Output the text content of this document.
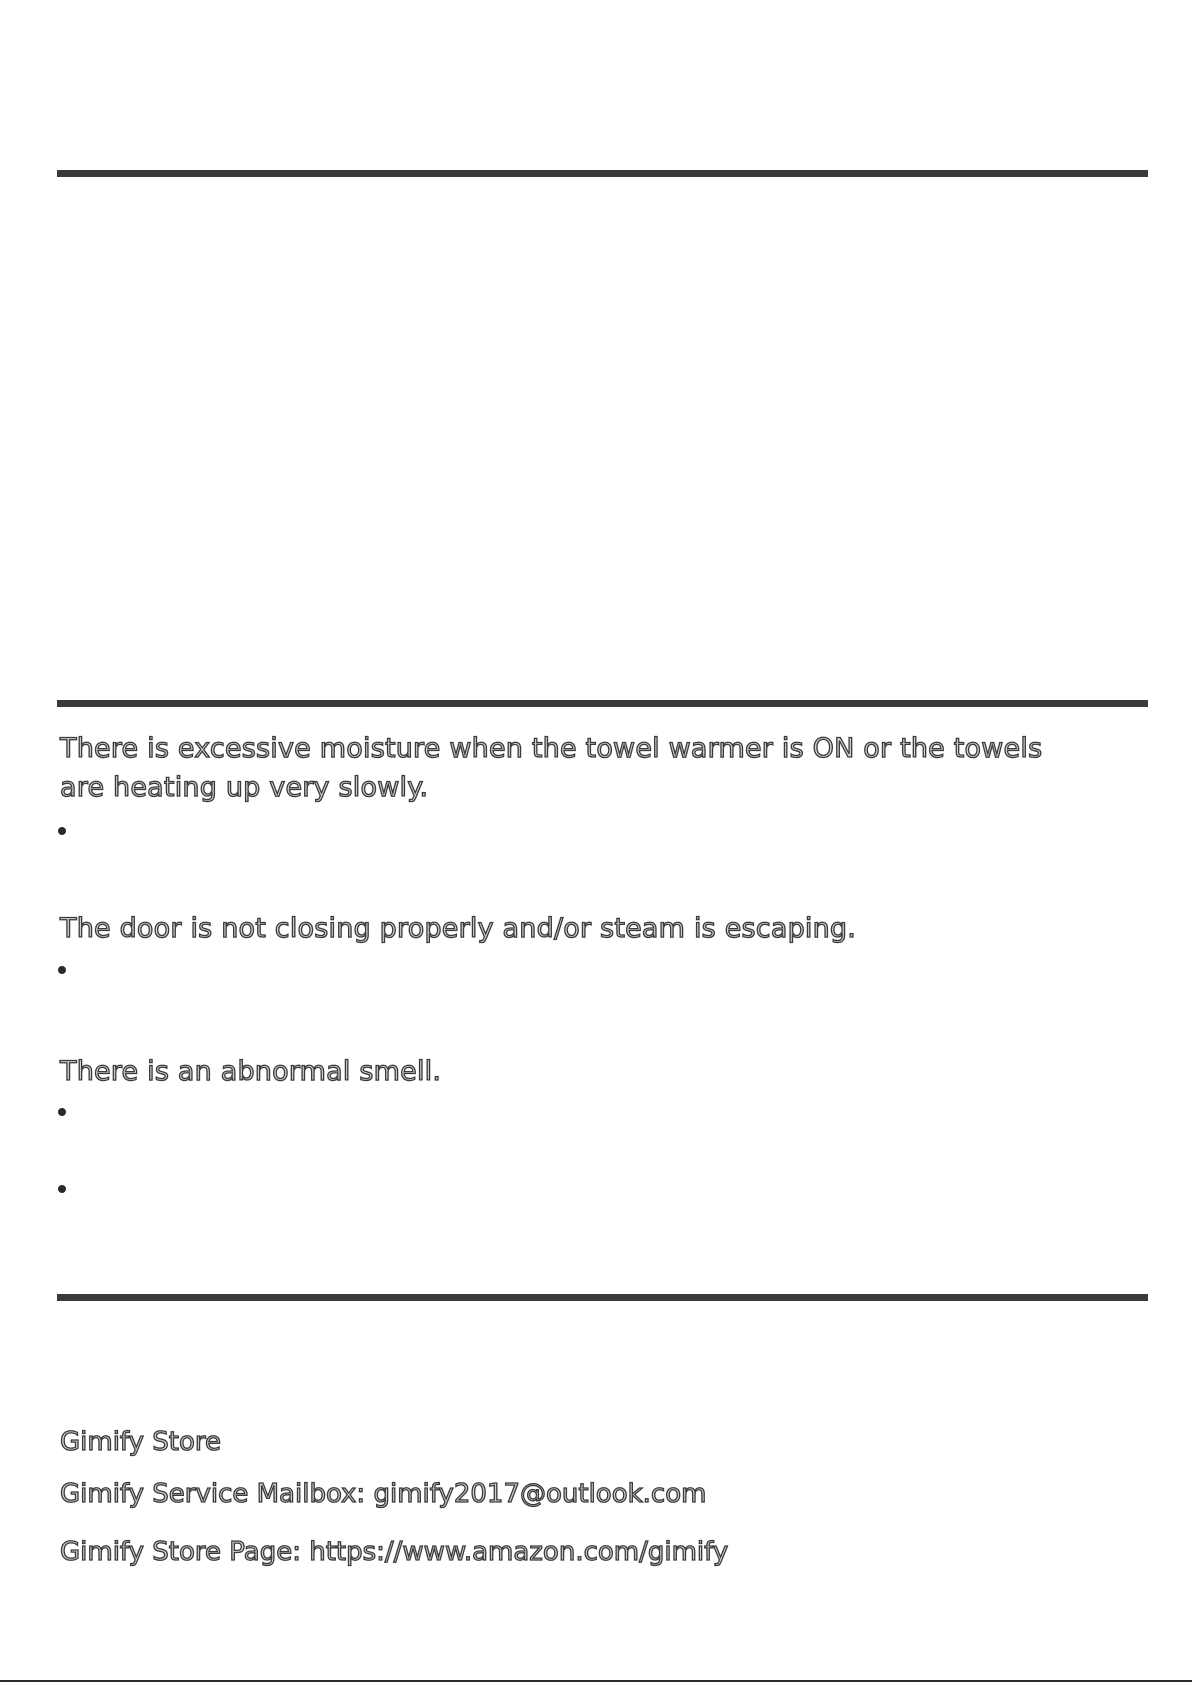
There is excessive moisture when the towel warmer is ON or the towels
are heating up very slowly.
The door is not closing properly and/or steam is escaping.
There is an abnormal smell.

Gimify Store

Gimify Service Mailbox: gimify2017@outlook.com

Gimify Store Page: https://www.amazon.com/gimify
